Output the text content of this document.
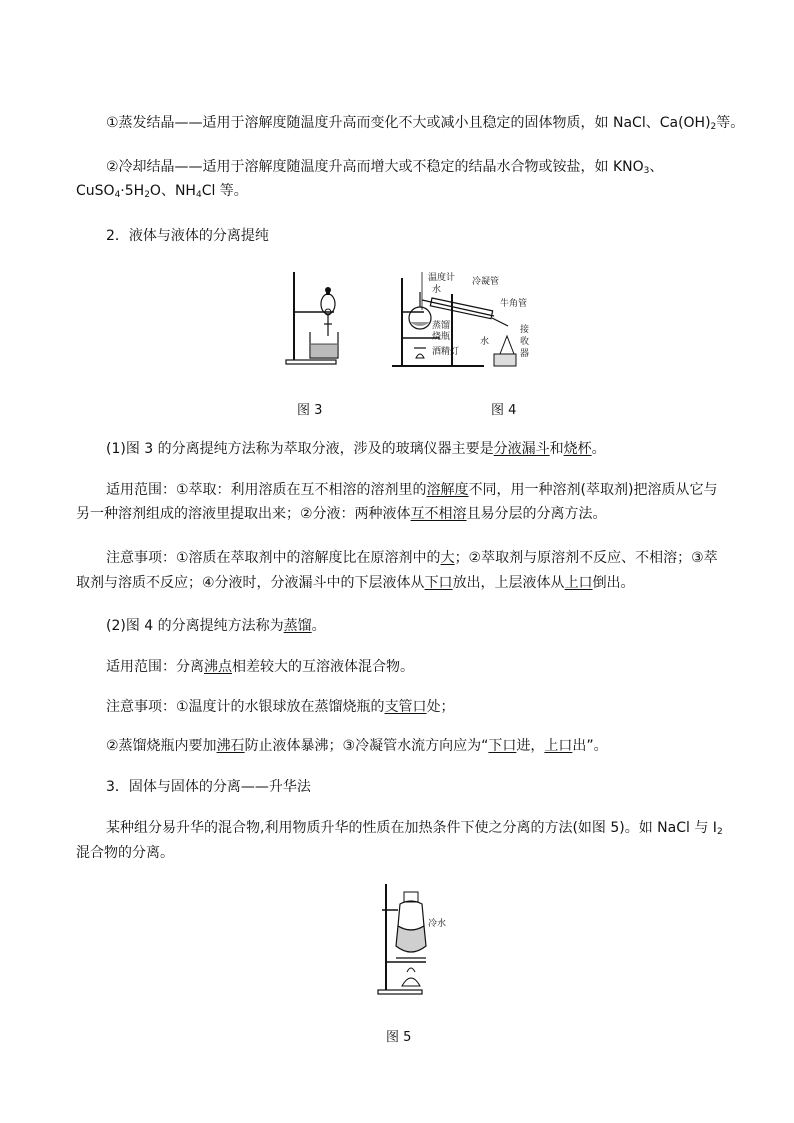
①蒸发结晶——适用于溶解度随温度升高而变化不大或减小且稳定的固体物质，如 NaCl、$Ca(OH)_2$等。
②冷却结晶——适用于溶解度随温度升高而增大或不稳定的结晶水合物或铵盐，如 $KNO_3$、
$CuSO_4\cdot 5H_2O$、$NH_4Cl$ 等。
2．液体与液体的分离提纯
温度计
水
冷凝管
牛角管
蒸馏
烧瓶
酒精灯
水
接
收
器
图 3	图 4
(1)图 3 的分离提纯方法称为萃取分液，涉及的玻璃仪器主要是分液漏斗和烧杯。
适用范围：①萃取：利用溶质在互不相溶的溶剂里的溶解度不同，用一种溶剂(萃取剂)把溶质从它与
另一种溶剂组成的溶液里提取出来；②分液：两种液体互不相溶且易分层的分离方法。
注意事项：①溶质在萃取剂中的溶解度比在原溶剂中的大；②萃取剂与原溶剂不反应、不相溶；③萃
取剂与溶质不反应；④分液时，分液漏斗中的下层液体从下口放出，上层液体从上口倒出。
(2)图 4 的分离提纯方法称为蒸馏。
适用范围：分离沸点相差较大的互溶液体混合物。
注意事项：①温度计的水银球放在蒸馏烧瓶的支管口处；
②蒸馏烧瓶内要加沸石防止液体暴沸；③冷凝管水流方向应为“下口进，上口出”。
3．固体与固体的分离——升华法
某种组分易升华的混合物,利用物质升华的性质在加热条件下使之分离的方法(如图 5)。如 NaCl 与 $I_2$
混合物的分离。
冷水
图 5
